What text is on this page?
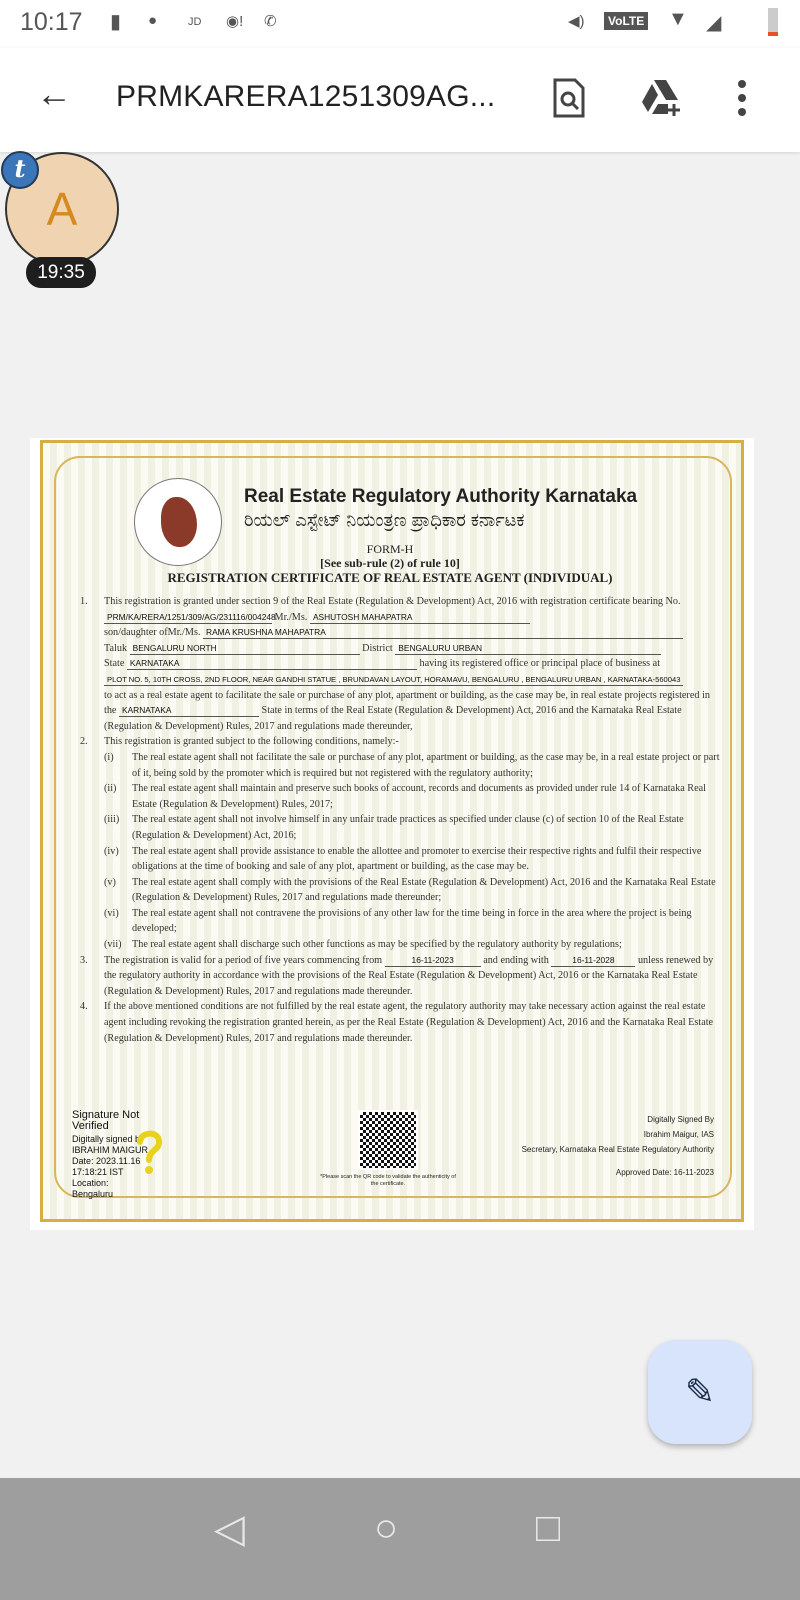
10:17 ▮ ●	JD ◉! ✆	◀)	VoLTE ▼ ◢
← PRMKARERA1251309AG...
A
t
19:35
Real Estate Regulatory Authority Karnataka
ರಿಯಲ್ ಎಸ್ಟೇಟ್ ನಿಯಂತ್ರಣ ಪ್ರಾಧಿಕಾರ ಕರ್ನಾಟಕ
FORM-H
[See sub-rule (2) of rule 10]
REGISTRATION CERTIFICATE OF REAL ESTATE AGENT (INDIVIDUAL)
1.	This registration is granted under section 9 of the Real Estate (Regulation & Development) Act, 2016 with registration certificate bearing No. PRM/KA/RERA/1251/309/AG/231116/004248 Mr./Ms. ASHUTOSH MAHAPATRA
son/daughter ofMr./Ms. RAMA KRUSHNA MAHAPATRA
Taluk BENGALURU NORTH	District BENGALURU URBAN
State KARNATAKA	having its registered office or principal place of business at
PLOT NO. 5, 10TH CROSS, 2ND FLOOR, NEAR GANDHI STATUE , BRUNDAVAN LAYOUT, HORAMAVU, BENGALURU , BENGALURU URBAN , KARNATAKA-560043
to act as a real estate agent to facilitate the sale or purchase of any plot, apartment or building, as the case may be, in real estate projects registered in the KARNATAKA	State in terms of the Real Estate (Regulation & Development) Act, 2016 and the Karnataka Real Estate (Regulation & Development) Rules, 2017 and regulations made thereunder,
2.	This registration is granted subject to the following conditions, namely:-
(i)	The real estate agent shall not facilitate the sale or purchase of any plot, apartment or building, as the case may be, in a real estate project or part of it, being sold by the promoter which is required but not registered with the regulatory authority;
(ii)	The real estate agent shall maintain and preserve such books of account, records and documents as provided under rule 14 of Karnataka Real Estate (Regulation & Development) Rules, 2017;
(iii)	The real estate agent shall not involve himself in any unfair trade practices as specified under clause (c) of section 10 of the Real Estate (Regulation & Development) Act, 2016;
(iv)	The real estate agent shall provide assistance to enable the allottee and promoter to exercise their respective rights and fulfil their respective obligations at the time of booking and sale of any plot, apartment or building, as the case may be.
(v)	The real estate agent shall comply with the provisions of the Real Estate (Regulation & Development) Act, 2016 and the Karnataka Real Estate (Regulation & Development) Rules, 2017 and regulations made thereunder;
(vi)	The real estate agent shall not contravene the provisions of any other law for the time being in force in the area where the project is being developed;
(vii)	The real estate agent shall discharge such other functions as may be specified by the regulatory authority by regulations;
3.	The registration is valid for a period of five years commencing from	16-11-2023	and ending with	16-11-2028 unless renewed by the regulatory authority in accordance with the provisions of the Real Estate (Regulation & Development) Act, 2016 or the Karnataka Real Estate (Regulation & Development) Rules, 2017 and regulations made thereunder.
4.	If the above mentioned conditions are not fulfilled by the real estate agent, the regulatory authority may take necessary action against the real estate agent including revoking the registration granted herein, as per the Real Estate (Regulation & Development) Act, 2016 and the Karnataka Real Estate (Regulation & Development) Rules, 2017 and regulations made thereunder.
Signature Not Verified
Digitally signed by
IBRAHIM MAIGUR
Date: 2023.11.16
17:18:21 IST
Location:
Bengaluru
*Please scan the QR code to validate the authenticity of the certificate.
Digitally Signed By
Ibrahim Maigur, IAS
Secretary, Karnataka Real Estate Regulatory Authority
Approved Date: 16-11-2023
✎
◁	○	□
